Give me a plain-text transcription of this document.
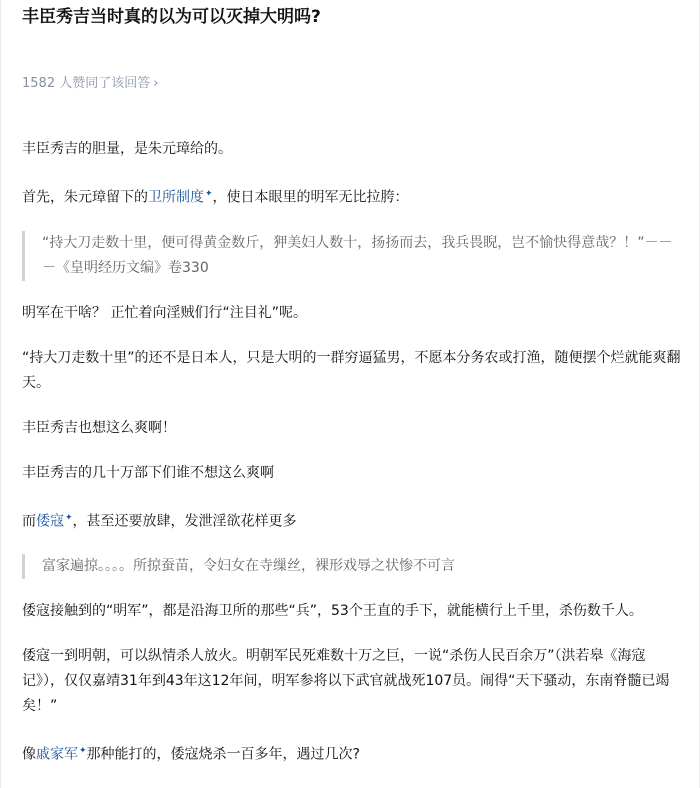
丰臣秀吉当时真的以为可以灭掉大明吗?
1582 人赞同了该回答 ›

丰臣秀吉的胆量，是朱元璋给的。

首先，朱元璋留下的卫所制度✦，使日本眼里的明军无比拉胯：

“持大刀走数十里，便可得黄金数斤，狎美妇人数十，扬扬而去，我兵畏睨，岂不愉快得意哉？！”－－－《皇明经历文编》卷330

明军在干啥？ 正忙着向淫贼们行“注目礼”呢。

“持大刀走数十里”的还不是日本人，只是大明的一群穷逼猛男，不愿本分务农或打渔，随便摆个烂就能爽翻天。

丰臣秀吉也想这么爽啊！

丰臣秀吉的几十万部下们谁不想这么爽啊

而倭寇✦，甚至还要放肆，发泄淫欲花样更多

富家遍掠。。。。所掠蚕苗，令妇女在寺缫丝，裸形戏辱之状惨不可言

倭寇接触到的“明军”，都是沿海卫所的那些“兵”，53个王直的手下，就能横行上千里，杀伤数千人。

倭寇一到明朝，可以纵情杀人放火。明朝军民死难数十万之巨，一说“杀伤人民百余万”（洪若皋《海寇记》），仅仅嘉靖31年到43年这12年间，明军参将以下武官就战死107员。闹得“天下骚动，东南脊髓已竭矣！”

像戚家军✦那种能打的，倭寇烧杀一百多年，遇过几次?
